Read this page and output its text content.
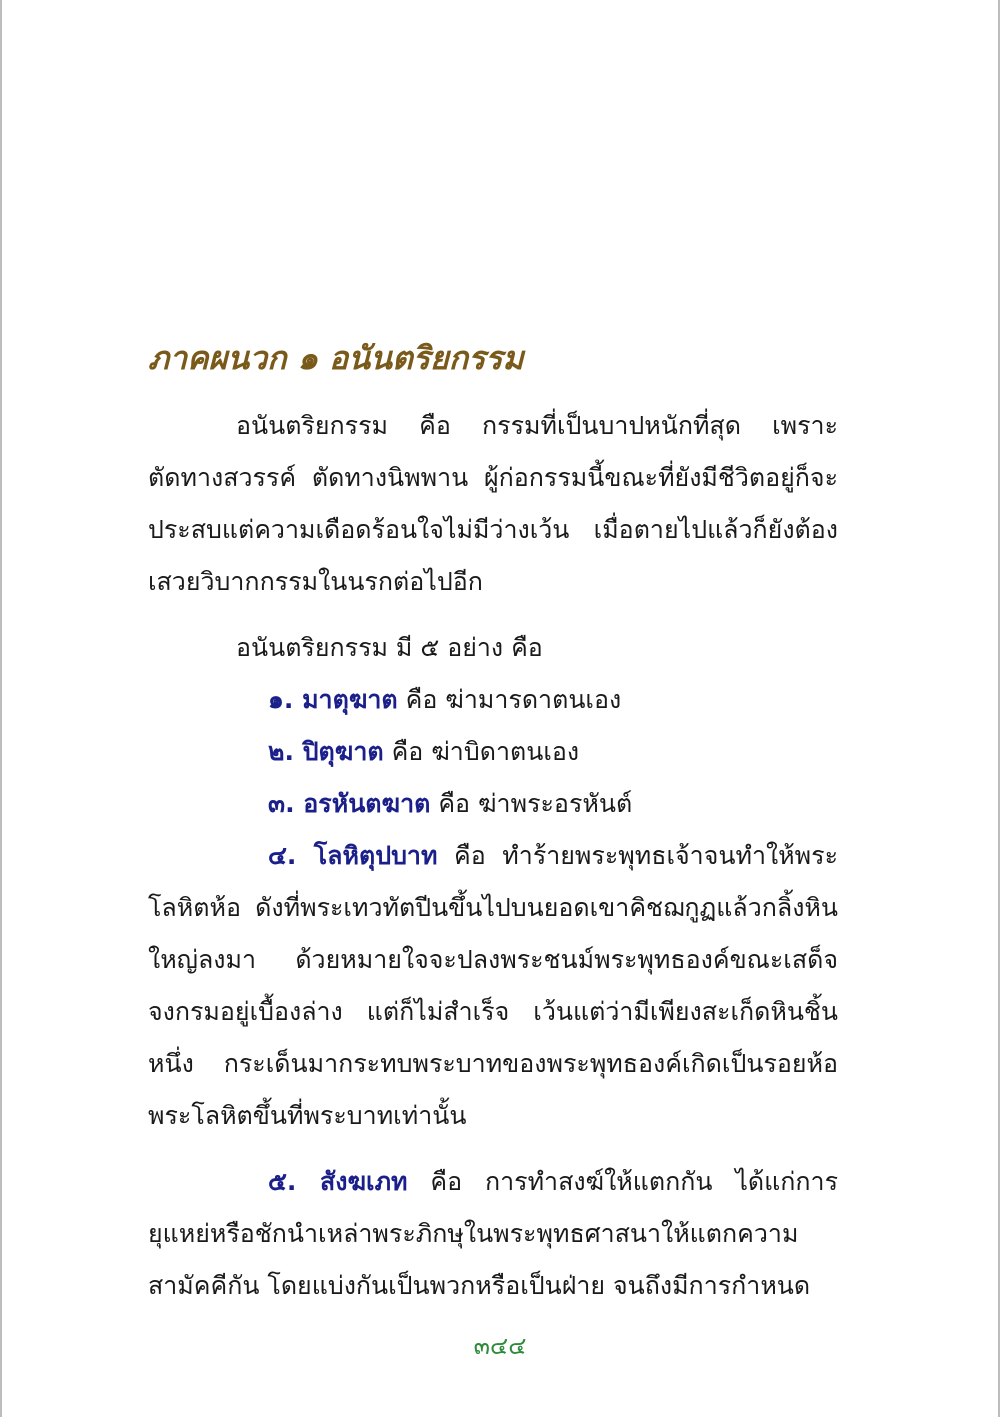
ภาคผนวก ๑ อนันตริยกรรม

อนันตริยกรรม คือ กรรมที่เป็นบาปหนักที่สุด เพราะตัดทางสวรรค์ ตัดทางนิพพาน ผู้ก่อกรรมนี้ขณะที่ยังมีชีวิตอยู่ก็จะประสบแต่ความเดือดร้อนใจไม่มีว่างเว้น เมื่อตายไปแล้วก็ยังต้องเสวยวิบากกรรมในนรกต่อไปอีก

อนันตริยกรรม มี ๕ อย่าง คือ

๑. มาตุฆาต คือ ฆ่ามารดาตนเอง

๒. ปิตุฆาต คือ ฆ่าบิดาตนเอง

๓. อรหันตฆาต คือ ฆ่าพระอรหันต์

๔. โลหิตุปบาท คือ ทำร้ายพระพุทธเจ้าจนทำให้พระโลหิตห้อ ดังที่พระเทวทัตปีนขึ้นไปบนยอดเขาคิชฌกูฏแล้วกลิ้งหินใหญ่ลงมา ด้วยหมายใจจะปลงพระชนม์พระพุทธองค์ขณะเสด็จจงกรมอยู่เบื้องล่าง แต่ก็ไม่สำเร็จ เว้นแต่ว่ามีเพียงสะเก็ดหินชิ้นหนึ่ง กระเด็นมากระทบพระบาทของพระพุทธองค์เกิดเป็นรอยห้อพระโลหิตขึ้นที่พระบาทเท่านั้น

๕. สังฆเภท คือ การทำสงฆ์ให้แตกกัน ได้แก่การยุแหย่หรือชักนำเหล่าพระภิกษุในพระพุทธศาสนาให้แตกความสามัคคีกัน โดยแบ่งกันเป็นพวกหรือเป็นฝ่าย จนถึงมีการกำหนด

๓๔๔
